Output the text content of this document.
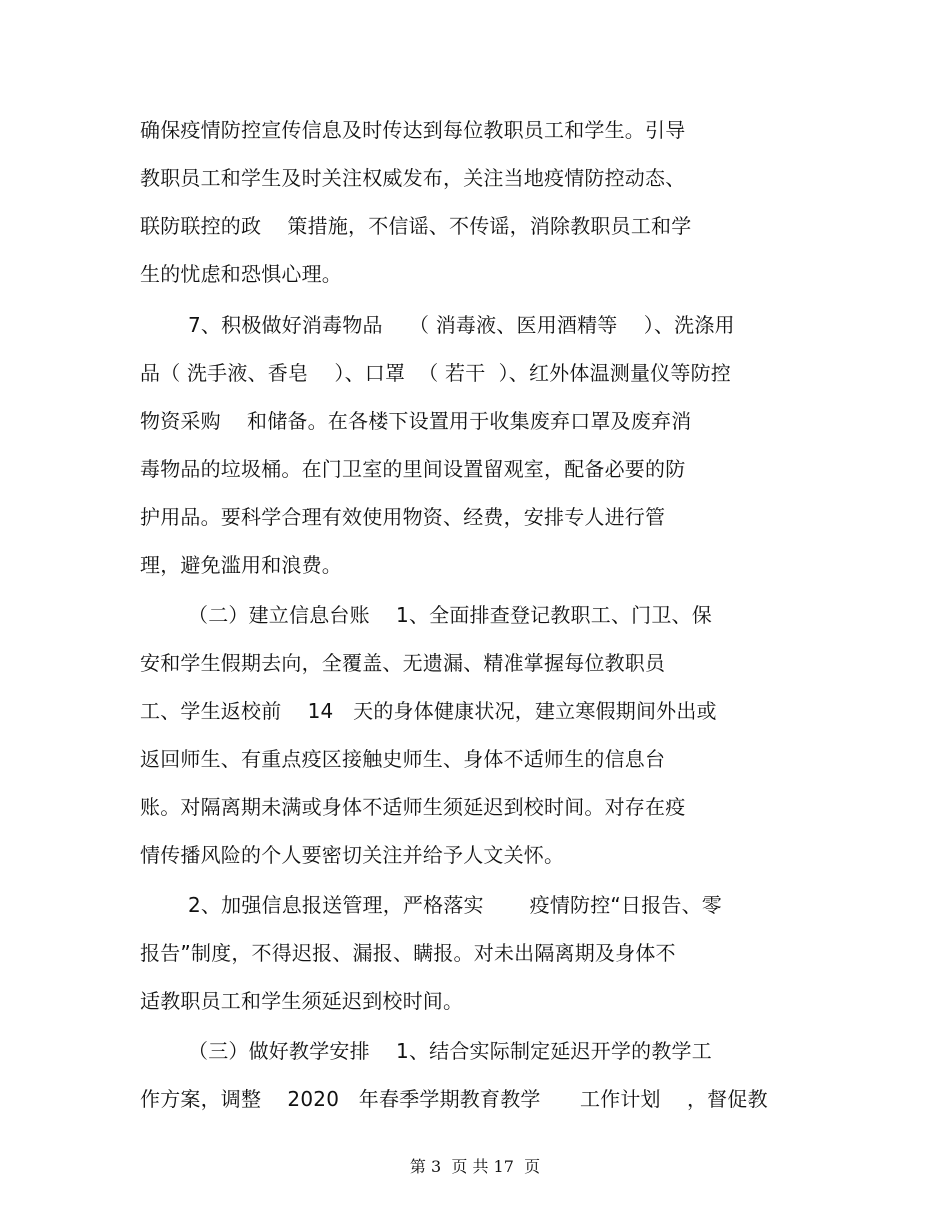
确保疫情防控宣传信息及时传达到每位教职员工和学生。引导
教职员工和学生及时关注权威发布，关注当地疫情防控动态、
联防联控的政    策措施，不信谣、不传谣，消除教职员工和学
生的忧虑和恐惧心理。
7、积极做好消毒物品    （ 消毒液、医用酒精等    ）、洗涤用
品（ 洗手液、香皂    ）、口罩  （ 若干  ）、红外体温测量仪等防控
物资采购    和储备。在各楼下设置用于收集废弃口罩及废弃消
毒物品的垃圾桶。在门卫室的里间设置留观室，配备必要的防
护用品。要科学合理有效使用物资、经费，安排专人进行管
理，避免滥用和浪费。
（二）建立信息台账    1、全面排查登记教职工、门卫、保
安和学生假期去向，全覆盖、无遗漏、精准掌握每位教职员
工、学生返校前    14   天的身体健康状况，建立寒假期间外出或
返回师生、有重点疫区接触史师生、身体不适师生的信息台
账。对隔离期未满或身体不适师生须延迟到校时间。对存在疫
情传播风险的个人要密切关注并给予人文关怀。
2、加强信息报送管理，严格落实       疫情防控“日报告、零
报告”制度，不得迟报、漏报、瞒报。对未出隔离期及身体不
适教职员工和学生须延迟到校时间。
（三）做好教学安排    1、结合实际制定延迟开学的教学工
作方案，调整    2020   年春季学期教育教学      工作计划    ，督促教
第 3  页 共 17  页
